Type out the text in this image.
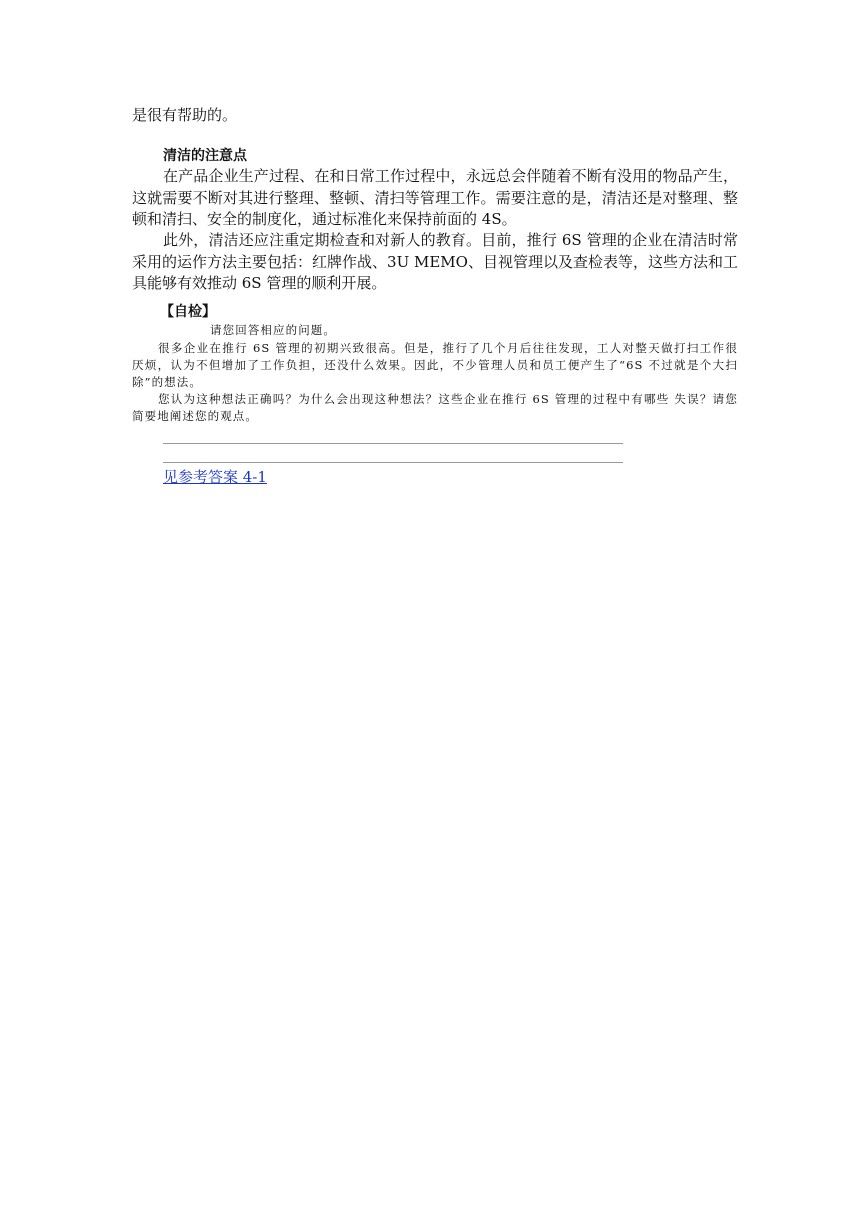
是很有帮助的。
清洁的注意点

在产品企业生产过程、在和日常工作过程中，永远总会伴随着不断有没用的物品产生，这就需要不断对其进行整理、整顿、清扫等管理工作。需要注意的是，清洁还是对整理、整顿和清扫、安全的制度化，通过标准化来保持前面的 4S。

此外，清洁还应注重定期检查和对新人的教育。目前，推行 6S 管理的企业在清洁时常采用的运作方法主要包括：红牌作战、3U MEMO、目视管理以及查检表等，这些方法和工具能够有效推动 6S 管理的顺利开展。

【自检】
请您回答相应的问题。

很多企业在推行 6S 管理的初期兴致很高。但是，推行了几个月后往往发现，工人对整天做打扫工作很厌烦，认为不但增加了工作负担，还没什么效果。因此，不少管理人员和员工便产生了“6S 不过就是个大扫除”的想法。

您认为这种想法正确吗？为什么会出现这种想法？这些企业在推行 6S 管理的过程中有哪些 失误？请您简要地阐述您的观点。

见参考答案 4-1
